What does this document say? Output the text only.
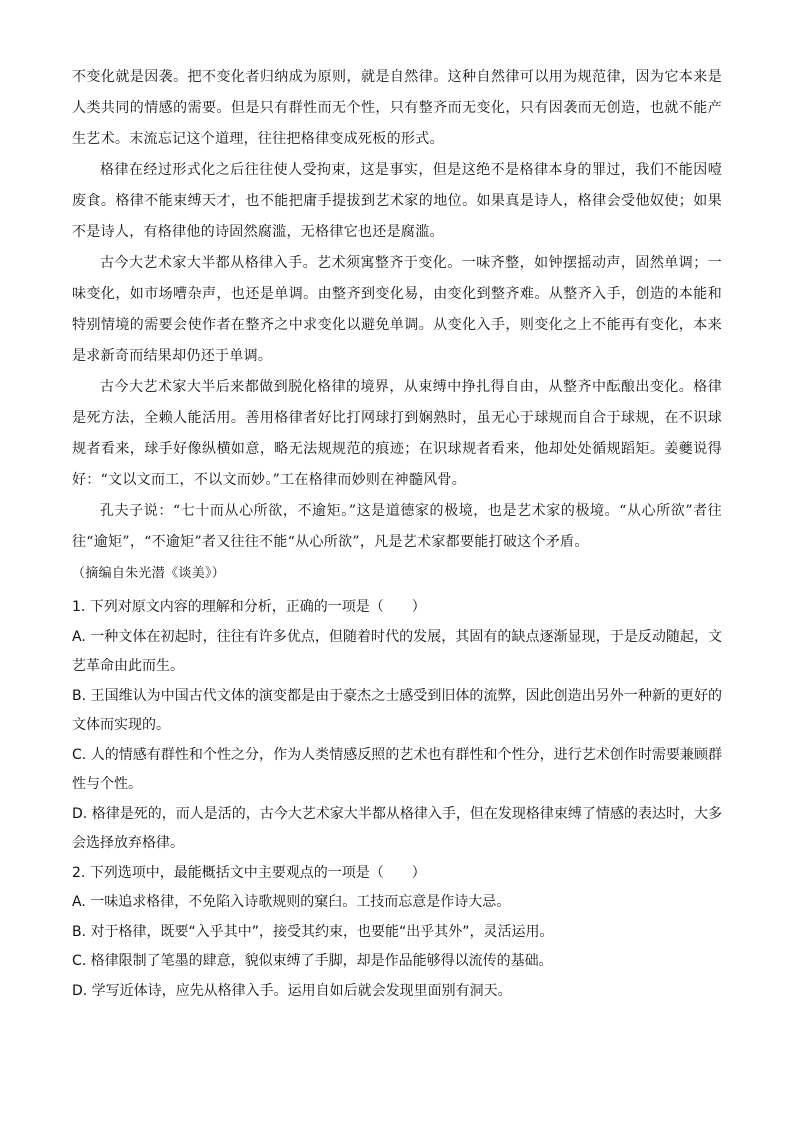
不变化就是因袭。把不变化者归纳成为原则，就是自然律。这种自然律可以用为规范律，因为它本来是人类共同的情感的需要。但是只有群性而无个性，只有整齐而无变化，只有因袭而无创造，也就不能产生艺术。末流忘记这个道理，往往把格律变成死板的形式。

格律在经过形式化之后往往使人受拘束，这是事实，但是这绝不是格律本身的罪过，我们不能因噎废食。格律不能束缚天才，也不能把庸手提拔到艺术家的地位。如果真是诗人，格律会受他奴使；如果不是诗人，有格律他的诗固然腐滥，无格律它也还是腐滥。

古今大艺术家大半都从格律入手。艺术须寓整齐于变化。一味齐整，如钟摆摇动声，固然单调；一味变化，如市场嘈杂声，也还是单调。由整齐到变化易，由变化到整齐难。从整齐入手，创造的本能和特别情境的需要会使作者在整齐之中求变化以避免单调。从变化入手，则变化之上不能再有变化，本来是求新奇而结果却仍还于单调。

古今大艺术家大半后来都做到脱化格律的境界，从束缚中挣扎得自由，从整齐中酝酿出变化。格律是死方法，全赖人能活用。善用格律者好比打网球打到娴熟时，虽无心于球规而自合于球规，在不识球规者看来，球手好像纵横如意，略无法规规范的痕迹；在识球规者看来，他却处处循规蹈矩。姜夔说得好：“文以文而工，不以文而妙。”工在格律而妙则在神髓风骨。

孔夫子说：“七十而从心所欲，不逾矩。”这是道德家的极境，也是艺术家的极境。“从心所欲”者往往“逾矩”，“不逾矩”者又往往不能“从心所欲”，凡是艺术家都要能打破这个矛盾。

（摘编自朱光潜《谈美》）

1. 下列对原文内容的理解和分析，正确的一项是（　　）

A. 一种文体在初起时，往往有许多优点，但随着时代的发展，其固有的缺点逐渐显现，于是反动随起，文艺革命由此而生。

B. 王国维认为中国古代文体的演变都是由于豪杰之士感受到旧体的流弊，因此创造出另外一种新的更好的文体而实现的。

C. 人的情感有群性和个性之分，作为人类情感反照的艺术也有群性和个性分，进行艺术创作时需要兼顾群性与个性。

D. 格律是死的，而人是活的，古今大艺术家大半都从格律入手，但在发现格律束缚了情感的表达时，大多会选择放弃格律。

2. 下列选项中，最能概括文中主要观点的一项是（　　）

A. 一味追求格律，不免陷入诗歌规则的窠臼。工技而忘意是作诗大忌。

B. 对于格律，既要“入乎其中”，接受其约束，也要能“出乎其外”，灵活运用。

C. 格律限制了笔墨的肆意，貌似束缚了手脚，却是作品能够得以流传的基础。

D. 学写近体诗，应先从格律入手。运用自如后就会发现里面别有洞天。
